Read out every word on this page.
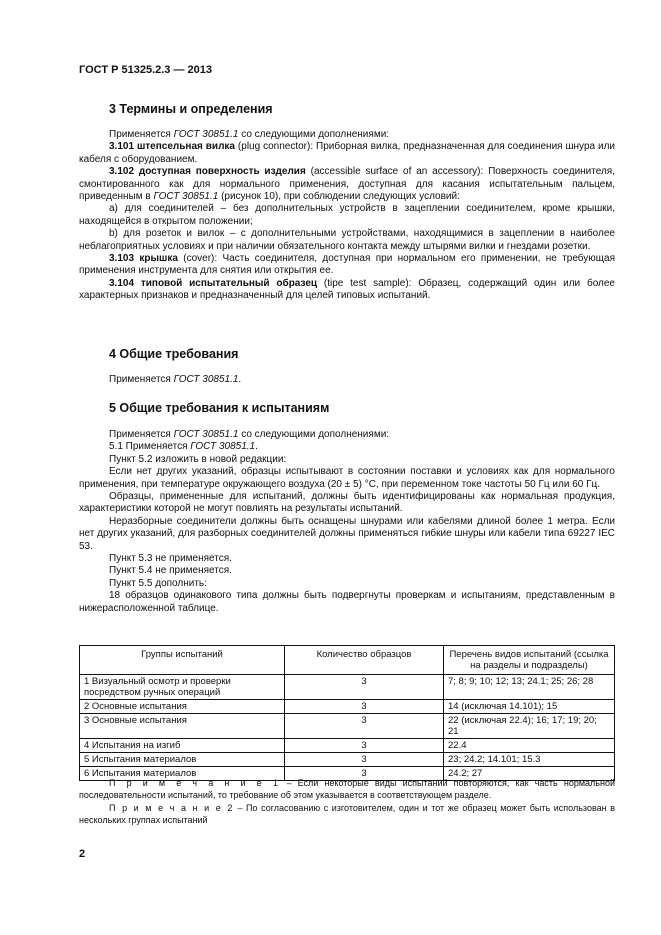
ГОСТ Р 51325.2.3 — 2013
3 Термины и определения

Применяется ГОСТ 30851.1 со следующими дополнениями:

3.101 штепсельная вилка (plug connector): Приборная вилка, предназначенная для соединения шнура или кабеля с оборудованием.

3.102 доступная поверхность изделия (accessible surface of an accessory): Поверхность соединителя, смонтированного как для нормального применения, доступная для касания испытательным пальцем, приведенным в ГОСТ 30851.1 (рисунок 10), при соблюдении следующих условий:

а) для соединителей – без дополнительных устройств в зацеплении соединителем, кроме крышки, находящейся в открытом положении;

b) для розеток и вилок – с дополнительными устройствами, находящимися в зацеплении в наиболее неблагоприятных условиях и при наличии обязательного контакта между штырями вилки и гнездами розетки.

3.103 крышка (cover): Часть соединителя, доступная при нормальном его применении, не требующая применения инструмента для снятия или открытия ее.

3.104 типовой испытательный образец (tipe test sample): Образец, содержащий один или более характерных признаков и предназначенный для целей типовых испытаний.

4 Общие требования

Применяется ГОСТ 30851.1.

5 Общие требования к испытаниям

Применяется ГОСТ 30851.1 со следующими дополнениями:

5.1 Применяется ГОСТ 30851.1.

Пункт 5.2 изложить в новой редакции:

Если нет других указаний, образцы испытывают в состоянии поставки и условиях как для нормального применения, при температуре окружающего воздуха (20 ± 5) °С, при переменном токе частоты 50 Гц или 60 Гц.

Образцы, примененные для испытаний, должны быть идентифицированы как нормальная продукция, характеристики которой не могут повлиять на результаты испытаний.

Неразборные соединители должны быть оснащены шнурами или кабелями длиной более 1 метра. Если нет других указаний, для разборных соединителей должны применяться гибкие шнуры или кабели типа 69227 IEC 53.

Пункт 5.3 не применяется.

Пункт 5.4 не применяется.

Пункт 5.5 дополнить:

18 образцов одинакового типа должны быть подвергнуты проверкам и испытаниям, представленным в нижерасположенной таблице.

Группы испытаний	Количество образцов	Перечень видов испытаний (ссылка на разделы и подразделы)
1 Визуальный осмотр и проверки посредством ручных операций	3	7; 8; 9; 10; 12; 13; 24.1; 25; 26; 28
2 Основные испытания	3	14 (исключая 14.101); 15
3 Основные испытания	3	22 (исключая 22.4); 16; 17; 19; 20; 21
4 Испытания на изгиб	3	22.4
5 Испытания материалов	3	23; 24.2; 14.101; 15.3
6 Испытания материалов	3	24.2; 27

П р и м е ч а н и е 1 – Если некоторые виды испытаний повторяются, как часть нормальной последовательности испытаний, то требование об этом указывается в соответствующем разделе.

П р и м е ч а н и е 2 – По согласованию с изготовителем, один и тот же образец может быть использован в нескольких группах испытаний

2
